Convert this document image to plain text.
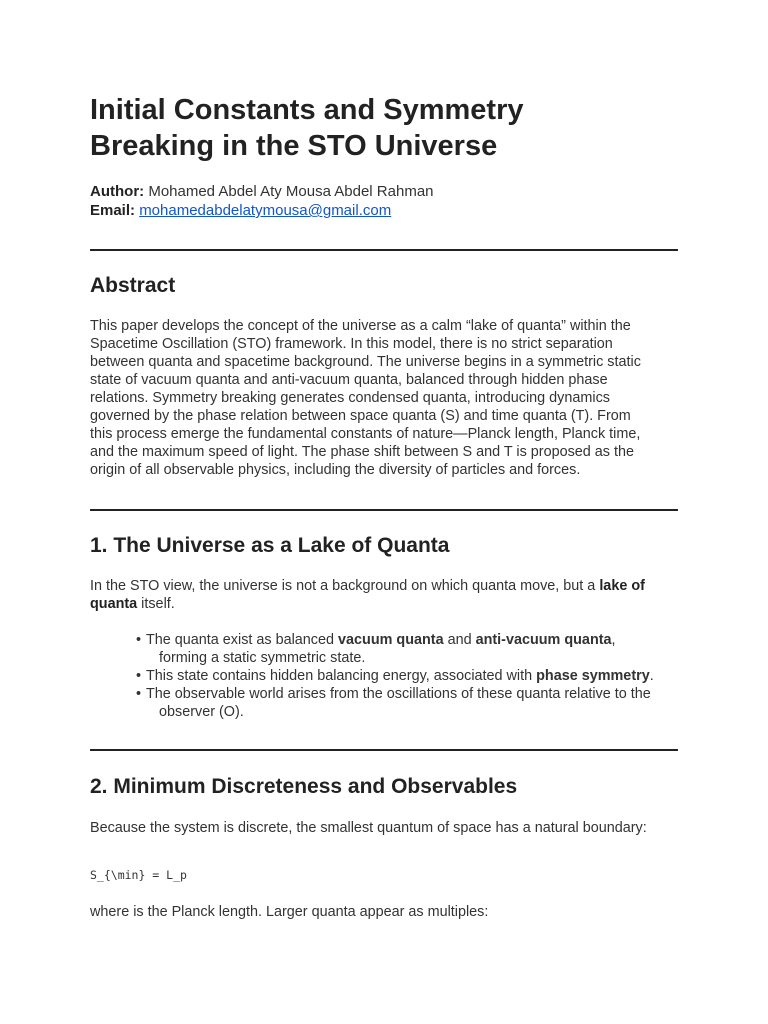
Initial Constants and Symmetry
Breaking in the STO Universe
Author: Mohamed Abdel Aty Mousa Abdel Rahman
Email: mohamedabdelatymousa@gmail.com
Abstract

This paper develops the concept of the universe as a calm “lake of quanta” within the
Spacetime Oscillation (STO) framework. In this model, there is no strict separation
between quanta and spacetime background. The universe begins in a symmetric static
state of vacuum quanta and anti-vacuum quanta, balanced through hidden phase
relations. Symmetry breaking generates condensed quanta, introducing dynamics
governed by the phase relation between space quanta (S) and time quanta (T). From
this process emerge the fundamental constants of nature—Planck length, Planck time,
and the maximum speed of light. The phase shift between S and T is proposed as the
origin of all observable physics, including the diversity of particles and forces.

1. The Universe as a Lake of Quanta

In the STO view, the universe is not a background on which quanta move, but a lake of
quanta itself.

• The quanta exist as balanced vacuum quanta and anti-vacuum quanta,
forming a static symmetric state.
• This state contains hidden balancing energy, associated with phase symmetry.
• The observable world arises from the oscillations of these quanta relative to the
observer (O).
2. Minimum Discreteness and Observables

Because the system is discrete, the smallest quantum of space has a natural boundary:

S_{\min} = L_p

where is the Planck length. Larger quanta appear as multiples:
